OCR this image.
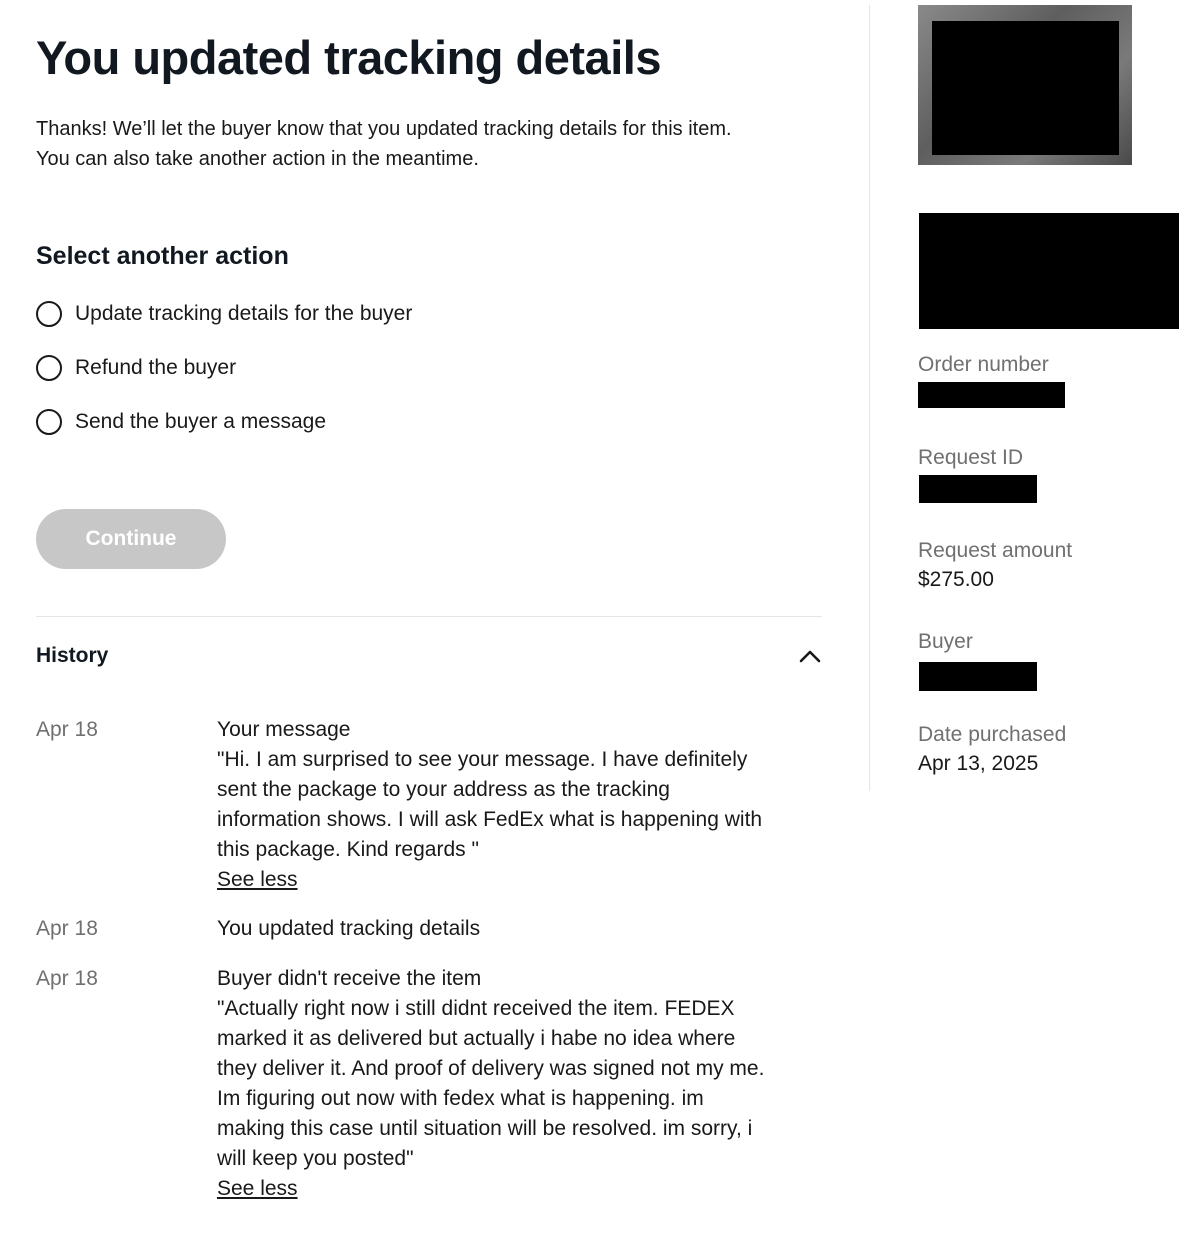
You updated tracking details

Thanks! We’ll let the buyer know that you updated tracking details for this item.
You can also take another action in the meantime.

Select another action
Update tracking details for the buyer
Refund the buyer
Send the buyer a message
Continue
History
Apr 18	Your message
"Hi. I am surprised to see your message. I have definitely
sent the package to your address as the tracking
information shows. I will ask FedEx what is happening with
this package. Kind regards "
See less
Apr 18	You updated tracking details
Apr 18	Buyer didn't receive the item
"Actually right now i still didnt received the item. FEDEX
marked it as delivered but actually i habe no idea where
they deliver it. And proof of delivery was signed not my me.
Im figuring out now with fedex what is happening. im
making this case until situation will be resolved. im sorry, i
will keep you posted"
See less
Order number
Request ID
Request amount
$275.00
Buyer
Date purchased
Apr 13, 2025
